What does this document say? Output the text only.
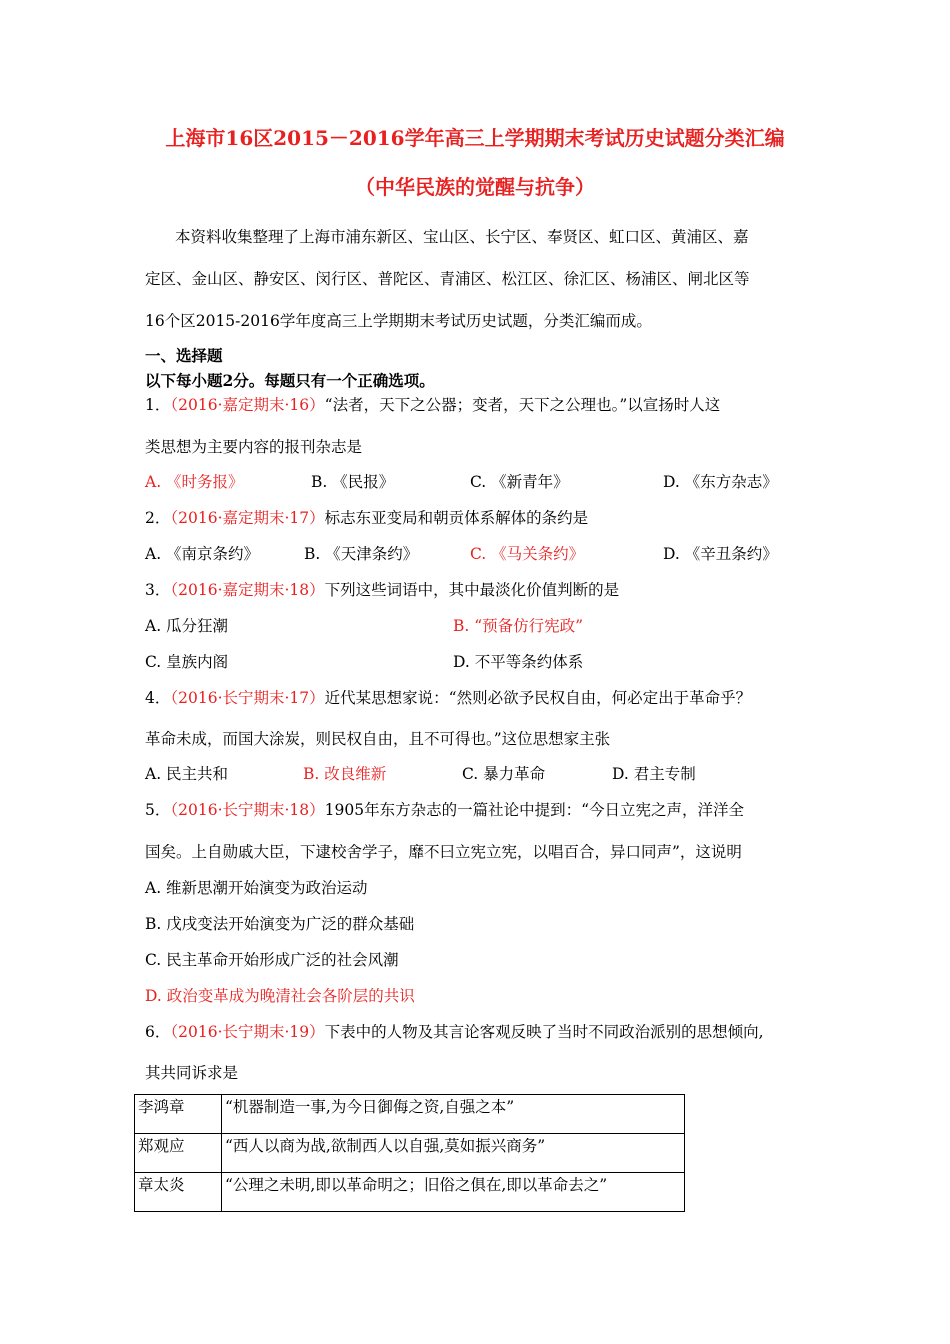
上海市16区2015－2016学年高三上学期期末考试历史试题分类汇编
（中华民族的觉醒与抗争）
本资料收集整理了上海市浦东新区、宝山区、长宁区、奉贤区、虹口区、黄浦区、嘉
定区、金山区、静安区、闵行区、普陀区、青浦区、松江区、徐汇区、杨浦区、闸北区等
16个区2015-2016学年度高三上学期期末考试历史试题，分类汇编而成。
一、选择题
以下每小题2分。每题只有一个正确选项。
1．（2016·嘉定期末·16）“法者，天下之公器；变者，天下之公理也。”以宣扬时人这
类思想为主要内容的报刊杂志是
A. 《时务报》	B. 《民报》	C. 《新青年》	D. 《东方杂志》
2．（2016·嘉定期末·17）标志东亚变局和朝贡体系解体的条约是
A. 《南京条约》	B. 《天津条约》	C. 《马关条约》	D. 《辛丑条约》
3．（2016·嘉定期末·18）下列这些词语中，其中最淡化价值判断的是
A. 瓜分狂潮	B. “预备仿行宪政”
C. 皇族内阁	D. 不平等条约体系
4．（2016·长宁期末·17）近代某思想家说：“然则必欲予民权自由，何必定出于革命乎？
革命未成，而国大涂炭，则民权自由，且不可得也。”这位思想家主张
A. 民主共和	B. 改良维新	C. 暴力革命	D. 君主专制
5．（2016·长宁期末·18）1905年东方杂志的一篇社论中提到：“今日立宪之声，洋洋全
国矣。上自勋戚大臣，下逮校舍学子，靡不曰立宪立宪，以唱百合，异口同声”，这说明
A. 维新思潮开始演变为政治运动
B. 戊戌变法开始演变为广泛的群众基础
C. 民主革命开始形成广泛的社会风潮
D. 政治变革成为晚清社会各阶层的共识
6．（2016·长宁期末·19）下表中的人物及其言论客观反映了当时不同政治派别的思想倾向,
其共同诉求是
李鸿章	“机器制造一事,为今日御侮之资,自强之本”
郑观应	“西人以商为战,欲制西人以自强,莫如振兴商务”
章太炎	“公理之未明,即以革命明之；旧俗之俱在,即以革命去之”
